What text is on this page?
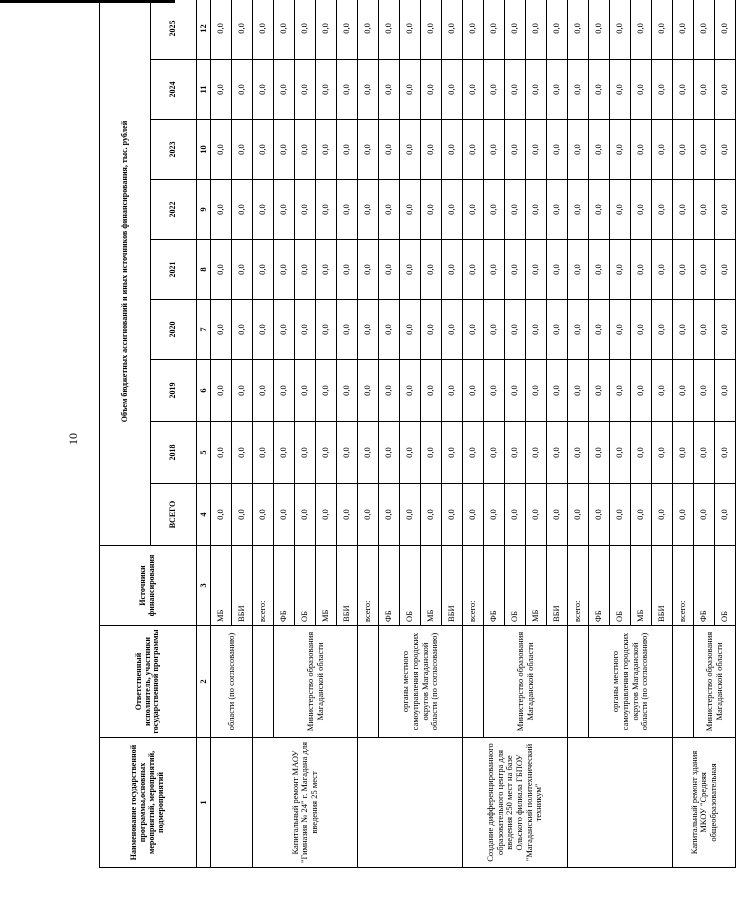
10
Наименование государственной программы,основных мероприятий, мероприятий, подмероприятий	Ответственный исполнитель, участники государственной программы	Источники финансирования	Объем бюджетных ассигнований и иных источников финансирования, тыс. рублей								
			ВСЕГО	2018	2019	2020	2021	2022	2023	2024	2025
1	2	3	4	5	6	7	8	9	10	11	12
	области (по согласованию)	МБ	0,0	0,0	0,0	0,0	0,0	0,0	0,0	0,0	0,0
		ВБИ	0,0	0,0	0,0	0,0	0,0	0,0	0,0	0,0	0,0
Капитальный ремонт МАОУ "Гимназия № 24" г. Магадана для введения 25 мест		всего:	0,0	0,0	0,0	0,0	0,0	0,0	0,0	0,0	0,0
	Министерство образования Магаданской области	ФБ	0,0	0,0	0,0	0,0	0,0	0,0	0,0	0,0	0,0
		ОБ	0,0	0,0	0,0	0,0	0,0	0,0	0,0	0,0	0,0
		МБ	0,0	0,0	0,0	0,0	0,0	0,0	0,0	0,0	0,0
		ВБИ	0,0	0,0	0,0	0,0	0,0	0,0	0,0	0,0	0,0
		всего:	0,0	0,0	0,0	0,0	0,0	0,0	0,0	0,0	0,0
	органы местного самоуправления городских округов Магаданской области (по согласованию)	ФБ	0,0	0,0	0,0	0,0	0,0	0,0	0,0	0,0	0,0
		ОБ	0,0	0,0	0,0	0,0	0,0	0,0	0,0	0,0	0,0
		МБ	0,0	0,0	0,0	0,0	0,0	0,0	0,0	0,0	0,0
		ВБИ	0,0	0,0	0,0	0,0	0,0	0,0	0,0	0,0	0,0
Создание дифференцированного образовательного центра для введения 250 мест на базе Ольского филиала ГБПОУ "Магаданский политехнический техникум"		всего:	0,0	0,0	0,0	0,0	0,0	0,0	0,0	0,0	0,0
	Министерство образования Магаданской области	ФБ	0,0	0,0	0,0	0,0	0,0	0,0	0,0	0,0	0,0
		ОБ	0,0	0,0	0,0	0,0	0,0	0,0	0,0	0,0	0,0
		МБ	0,0	0,0	0,0	0,0	0,0	0,0	0,0	0,0	0,0
		ВБИ	0,0	0,0	0,0	0,0	0,0	0,0	0,0	0,0	0,0
		всего:	0,0	0,0	0,0	0,0	0,0	0,0	0,0	0,0	0,0
	органы местного самоуправления городских округов Магаданской области (по согласованию)	ФБ	0,0	0,0	0,0	0,0	0,0	0,0	0,0	0,0	0,0
		ОБ	0,0	0,0	0,0	0,0	0,0	0,0	0,0	0,0	0,0
		МБ	0,0	0,0	0,0	0,0	0,0	0,0	0,0	0,0	0,0
		ВБИ	0,0	0,0	0,0	0,0	0,0	0,0	0,0	0,0	0,0
Капитальный ремонт здания МКОУ "Средняя общеобразовательная		всего:	0,0	0,0	0,0	0,0	0,0	0,0	0,0	0,0	0,0
	Министерство образования Магаданской области	ФБ	0,0	0,0	0,0	0,0	0,0	0,0	0,0	0,0	0,0
		ОБ	0,0	0,0	0,0	0,0	0,0	0,0	0,0	0,0	0,0
